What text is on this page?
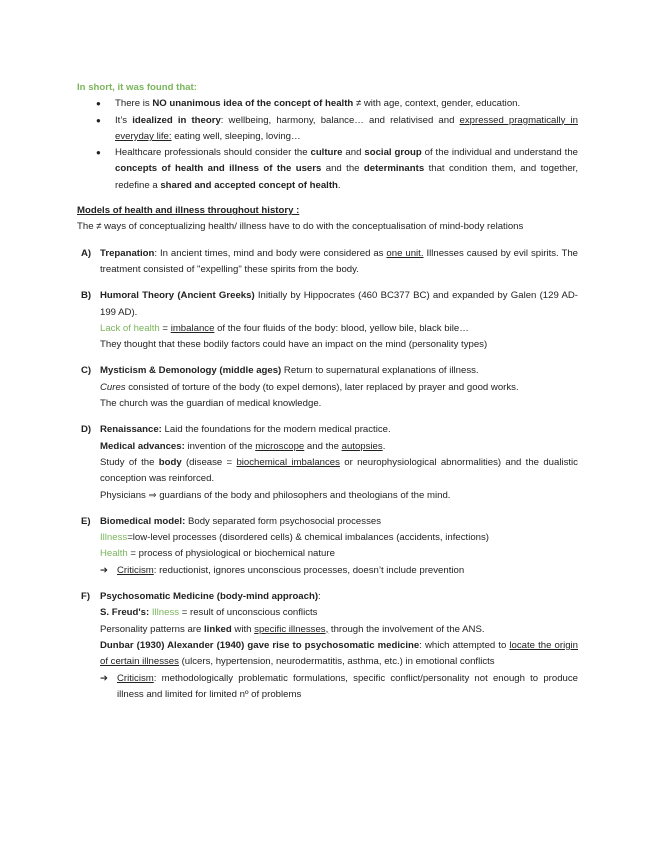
In short, it was found that:
● There is NO unanimous idea of the concept of health ≠ with age, context, gender, education.
● It’s idealized in theory: wellbeing, harmony, balance… and relativised and expressed pragmatically in everyday life: eating well, sleeping, loving…
● Healthcare professionals should consider the culture and social group of the individual and understand the concepts of health and illness of the users and the determinants that condition them, and together, redefine a shared and accepted concept of health.
Models of health and illness throughout history :
The ≠ ways of conceptualizing health/ illness have to do with the conceptualisation of mind-body relations
A) Trepanation: In ancient times, mind and body were considered as one unit. Illnesses caused by evil spirits. The treatment consisted of "expelling" these spirits from the body.
B) Humoral Theory (Ancient Greeks) Initially by Hippocrates (460 BC377 BC) and expanded by Galen (129 AD-199 AD).
Lack of health = imbalance of the four fluids of the body: blood, yellow bile, black bile…
They thought that these bodily factors could have an impact on the mind (personality types)
C) Mysticism & Demonology (middle ages) Return to supernatural explanations of illness.
Cures consisted of torture of the body (to expel demons), later replaced by prayer and good works.
The church was the guardian of medical knowledge.
D) Renaissance: Laid the foundations for the modern medical practice.
Medical advances: invention of the microscope and the autopsies.
Study of the body (disease = biochemical imbalances or neurophysiological abnormalities) and the dualistic conception was reinforced.
Physicians ⇒ guardians of the body and philosophers and theologians of the mind.
E) Biomedical model: Body separated form psychosocial processes
Illness=low-level processes (disordered cells) & chemical imbalances (accidents, infections)
Health = process of physiological or biochemical nature
➔ Criticism: reductionist, ignores unconscious processes, doesn’t include prevention
F) Psychosomatic Medicine (body-mind approach):
S. Freud's: Illness = result of unconscious conflicts
Personality patterns are linked with specific illnesses, through the involvement of the ANS.
Dunbar (1930) Alexander (1940) gave rise to psychosomatic medicine: which attempted to locate the origin of certain illnesses (ulcers, hypertension, neurodermatitis, asthma, etc.) in emotional conflicts
➔ Criticism: methodologically problematic formulations, specific conflict/personality not enough to produce illness and limited for limited nº of problems
